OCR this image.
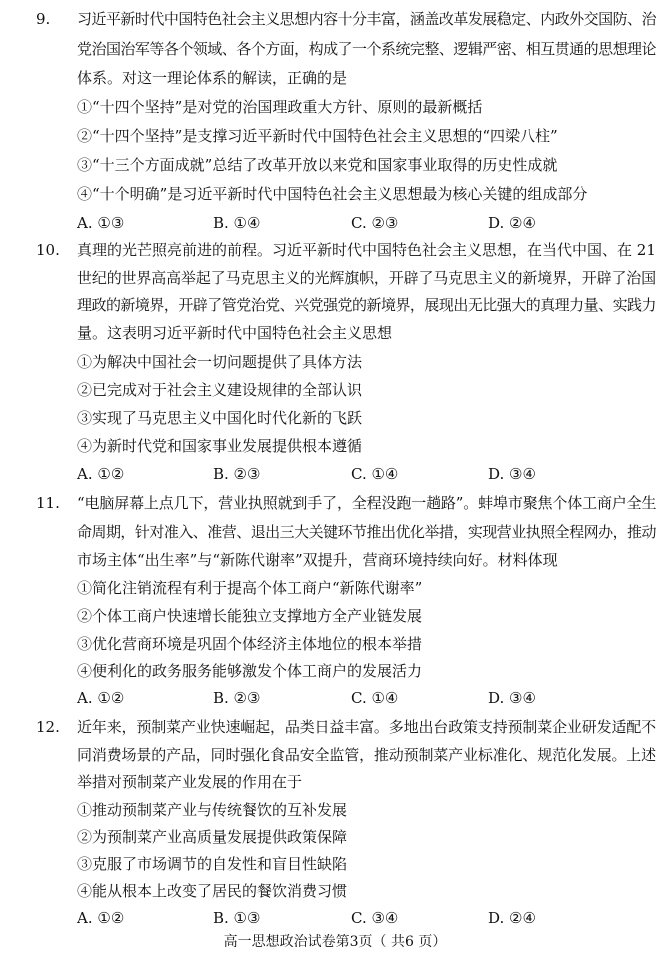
9. 习近平新时代中国特色社会主义思想内容十分丰富，涵盖改革发展稳定、内政外交国防、治
党治国治军等各个领域、各个方面，构成了一个系统完整、逻辑严密、相互贯通的思想理论
体系。对这一理论体系的解读，正确的是
①“十四个坚持”是对党的治国理政重大方针、原则的最新概括
②“十四个坚持”是支撑习近平新时代中国特色社会主义思想的“四梁八柱”
③“十三个方面成就”总结了改革开放以来党和国家事业取得的历史性成就
④“十个明确”是习近平新时代中国特色社会主义思想最为核心关键的组成部分
A. ①③	B. ①④	C. ②③	D. ②④
10. 真理的光芒照亮前进的前程。习近平新时代中国特色社会主义思想，在当代中国、在 21
世纪的世界高高举起了马克思主义的光辉旗帜，开辟了马克思主义的新境界，开辟了治国
理政的新境界，开辟了管党治党、兴党强党的新境界，展现出无比强大的真理力量、实践力
量。这表明习近平新时代中国特色社会主义思想
①为解决中国社会一切问题提供了具体方法
②已完成对于社会主义建设规律的全部认识
③实现了马克思主义中国化时代化新的飞跃
④为新时代党和国家事业发展提供根本遵循
A. ①②	B. ②③	C. ①④	D. ③④
11. “电脑屏幕上点几下，营业执照就到手了，全程没跑一趟路”。蚌埠市聚焦个体工商户全生
命周期，针对准入、准营、退出三大关键环节推出优化举措，实现营业执照全程网办，推动
市场主体“出生率”与“新陈代谢率”双提升，营商环境持续向好。材料体现
①简化注销流程有利于提高个体工商户“新陈代谢率”
②个体工商户快速增长能独立支撑地方全产业链发展
③优化营商环境是巩固个体经济主体地位的根本举措
④便利化的政务服务能够激发个体工商户的发展活力
A. ①②	B. ②③	C. ①④	D. ③④
12. 近年来，预制菜产业快速崛起，品类日益丰富。多地出台政策支持预制菜企业研发适配不
同消费场景的产品，同时强化食品安全监管，推动预制菜产业标准化、规范化发展。上述
举措对预制菜产业发展的作用在于
①推动预制菜产业与传统餐饮的互补发展
②为预制菜产业高质量发展提供政策保障
③克服了市场调节的自发性和盲目性缺陷
④能从根本上改变了居民的餐饮消费习惯
A. ①②	B. ①③	C. ③④	D. ②④
高一思想政治试卷第3页（ 共6 页）
